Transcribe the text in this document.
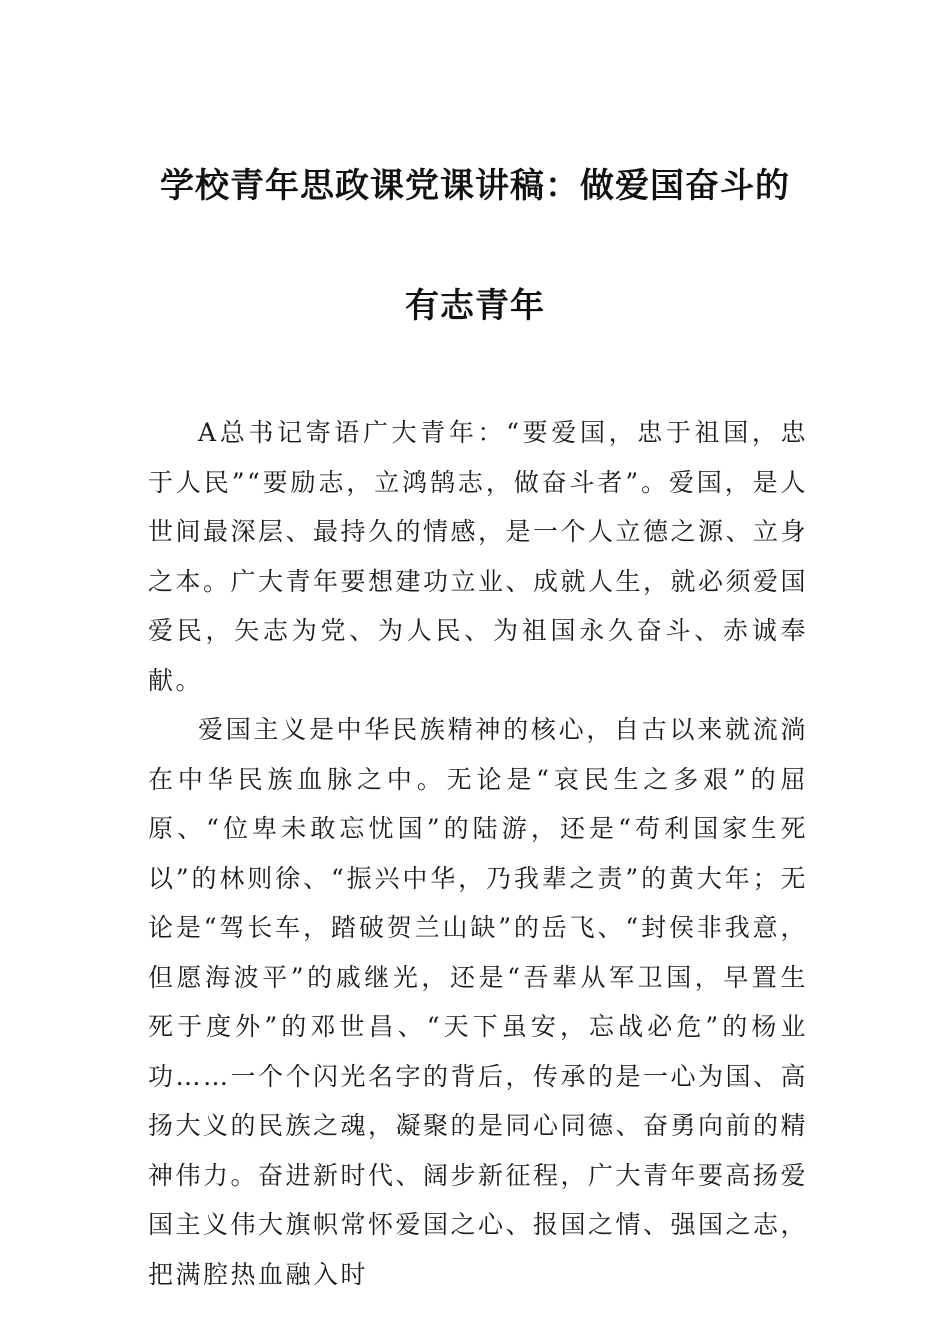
学校青年思政课党课讲稿：做爱国奋斗的
有志青年

A总书记寄语广大青年：“要爱国，忠于祖国，忠于人民”“要励志，立鸿鹄志，做奋斗者”。爱国，是人世间最深层、最持久的情感，是一个人立德之源、立身之本。广大青年要想建功立业、成就人生，就必须爱国爱民，矢志为党、为人民、为祖国永久奋斗、赤诚奉献。

爱国主义是中华民族精神的核心，自古以来就流淌在中华民族血脉之中。无论是“哀民生之多艰”的屈原、“位卑未敢忘忧国”的陆游，还是“苟利国家生死以”的林则徐、“振兴中华，乃我辈之责”的黄大年；无论是“驾长车，踏破贺兰山缺”的岳飞、“封侯非我意，但愿海波平”的戚继光，还是“吾辈从军卫国，早置生死于度外”的邓世昌、“天下虽安，忘战必危”的杨业功……一个个闪光名字的背后，传承的是一心为国、高扬大义的民族之魂，凝聚的是同心同德、奋勇向前的精神伟力。奋进新时代、阔步新征程，广大青年要高扬爱国主义伟大旗帜常怀爱国之心、报国之情、强国之志，把满腔热血融入时
